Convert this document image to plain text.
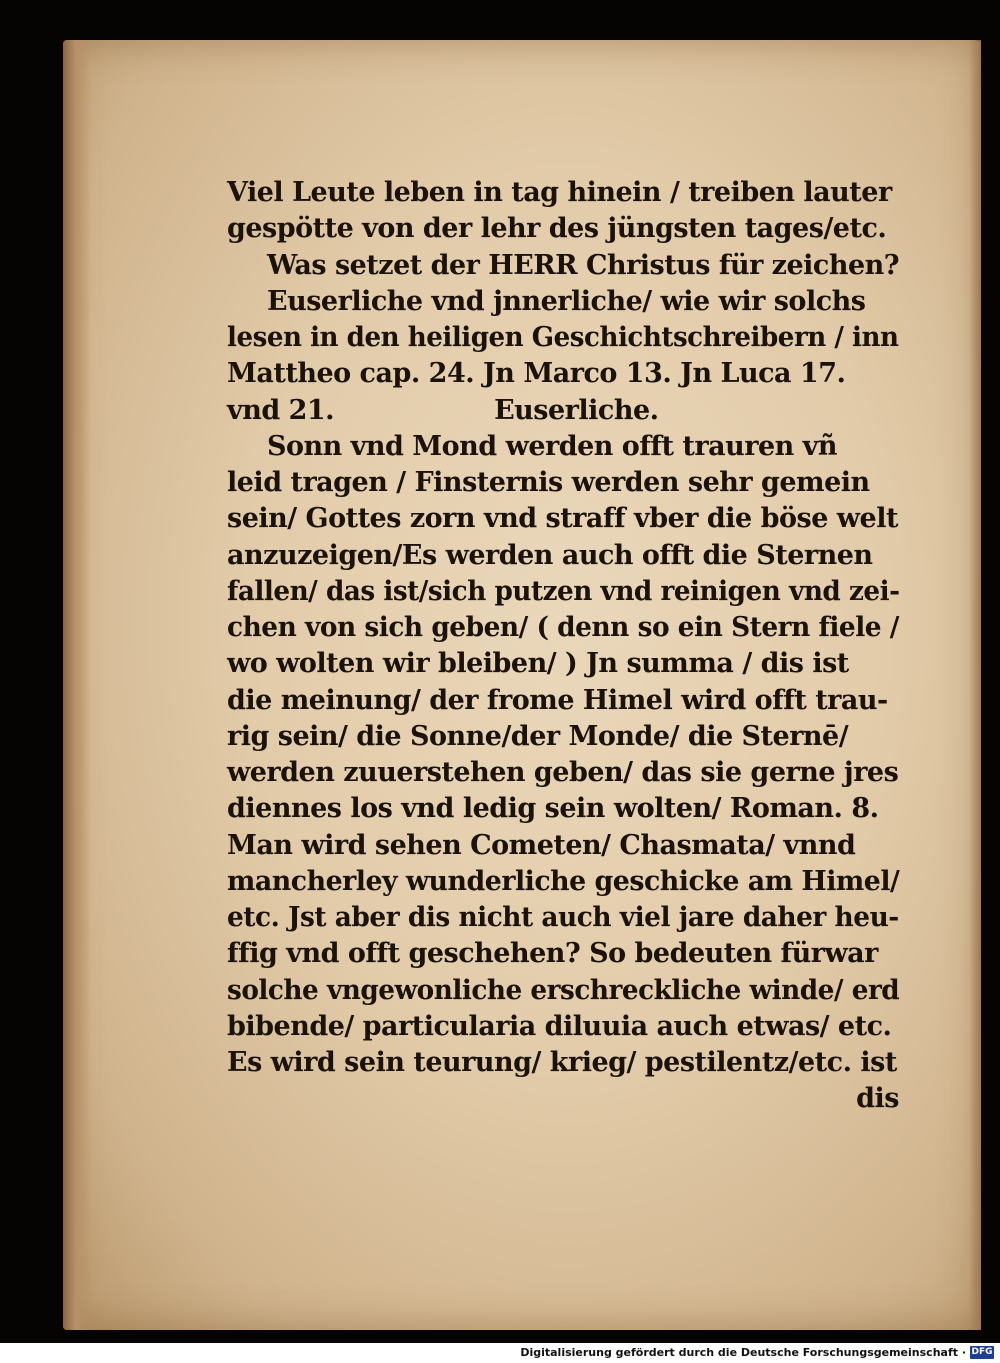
Viel Leute leben in tag hinein / treiben lauter
gespötte von der lehr des jüngsten tages/etc.
Was setzet der HERR Christus für zeichen?
Euserliche vnd jnnerliche/ wie wir solchs
lesen in den heiligen Geschichtschreibern / inn
Mattheo cap. 24. Jn Marco 13. Jn Luca 17.
vnd 21.	Euserliche.
Sonn vnd Mond werden offt trauren vñ
leid tragen / Finsternis werden sehr gemein
sein/ Gottes zorn vnd straff vber die böse welt
anzuzeigen/Es werden auch offt die Sternen
fallen/ das ist/sich putzen vnd reinigen vnd zei-
chen von sich geben/ ( denn so ein Stern fiele /
wo wolten wir bleiben/ ) Jn summa / dis ist
die meinung/ der frome Himel wird offt trau-
rig sein/ die Sonne/der Monde/ die Sternē/
werden zuuerstehen geben/ das sie gerne jres
diennes los vnd ledig sein wolten/ Roman. 8.
Man wird sehen Cometen/ Chasmata/ vnnd
mancherley wunderliche geschicke am Himel/
etc. Jst aber dis nicht auch viel jare daher heu-
ffig vnd offt geschehen? So bedeuten fürwar
solche vngewonliche erschreckliche winde/ erd
bibende/ particularia diluuia auch etwas/ etc.
Es wird sein teurung/ krieg/ pestilentz/etc. ist
dis
Digitalisierung gefördert durch die Deutsche Forschungsgemeinschaft · DFG
